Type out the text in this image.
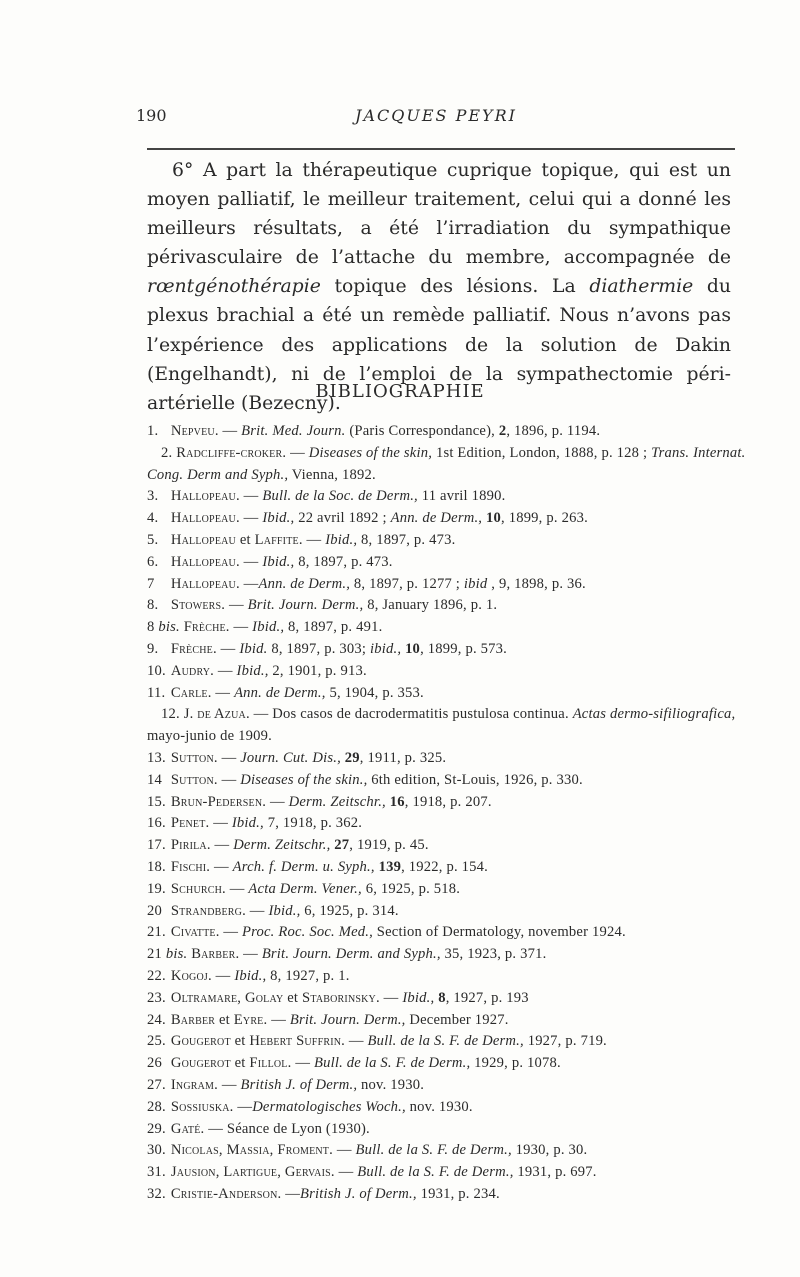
190	JACQUES PEYRI

6° A part la thérapeutique cuprique topique, qui est un moyen palliatif, le meilleur traitement, celui qui a donné les meilleurs résultats, a été l’irradiation du sympathique périvasculaire de l’attache du membre, accompagnée de rœntgénothérapie topique des lésions. La diathermie du plexus brachial a été un remède palliatif. Nous n’avons pas l’expérience des applications de la solution de Dakin (Engelhandt), ni de l’emploi de la sympathectomie péri-artérielle (Bezecny).

BIBLIOGRAPHIE
1. Nepveu. — Brit. Med. Journ. (Paris Correspondance), 2, 1896, p. 1194.
2. Radcliffe-croker. — Diseases of the skin, 1st Edition, London, 1888, p. 128 ; Trans. Internat. Cong. Derm and Syph., Vienna, 1892.
3. Hallopeau. — Bull. de la Soc. de Derm., 11 avril 1890.
4. Hallopeau. — Ibid., 22 avril 1892 ; Ann. de Derm., 10, 1899, p. 263.
5. Hallopeau et Laffite. — Ibid., 8, 1897, p. 473.
6. Hallopeau. — Ibid., 8, 1897, p. 473.
7 Hallopeau. —Ann. de Derm., 8, 1897, p. 1277 ; ibid , 9, 1898, p. 36.
8. Stowers. — Brit. Journ. Derm., 8, January 1896, p. 1.
8 bis. Frèche. — Ibid., 8, 1897, p. 491.
9. Frèche. — Ibid. 8, 1897, p. 303; ibid., 10, 1899, p. 573.
10. Audry. — Ibid., 2, 1901, p. 913.
11. Carle. — Ann. de Derm., 5, 1904, p. 353.
12. J. de Azua. — Dos casos de dacrodermatitis pustulosa continua. Actas dermo-sifiliografica, mayo-junio de 1909.
13. Sutton. — Journ. Cut. Dis., 29, 1911, p. 325.
14 Sutton. — Diseases of the skin., 6th edition, St-Louis, 1926, p. 330.
15. Brun-Pedersen. — Derm. Zeitschr., 16, 1918, p. 207.
16. Penet. — Ibid., 7, 1918, p. 362.
17. Pirila. — Derm. Zeitschr., 27, 1919, p. 45.
18. Fischi. — Arch. f. Derm. u. Syph., 139, 1922, p. 154.
19. Schurch. — Acta Derm. Vener., 6, 1925, p. 518.
20 Strandberg. — Ibid., 6, 1925, p. 314.
21. Civatte. — Proc. Roc. Soc. Med., Section of Dermatology, november 1924.
21 bis. Barber. — Brit. Journ. Derm. and Syph., 35, 1923, p. 371.
22. Kogoj. — Ibid., 8, 1927, p. 1.
23. Oltramare, Golay et Staborinsky. — Ibid., 8, 1927, p. 193
24. Barber et Eyre. — Brit. Journ. Derm., December 1927.
25. Gougerot et Hebert Suffrin. — Bull. de la S. F. de Derm., 1927, p. 719.
26 Gougerot et Fillol. — Bull. de la S. F. de Derm., 1929, p. 1078.
27. Ingram. — British J. of Derm., nov. 1930.
28. Sossiuska. —Dermatologisches Woch., nov. 1930.
29. Gaté. — Séance de Lyon (1930).
30. Nicolas, Massia, Froment. — Bull. de la S. F. de Derm., 1930, p. 30.
31. Jausion, Lartigue, Gervais. — Bull. de la S. F. de Derm., 1931, p. 697.
32. Cristie-Anderson. —British J. of Derm., 1931, p. 234.
